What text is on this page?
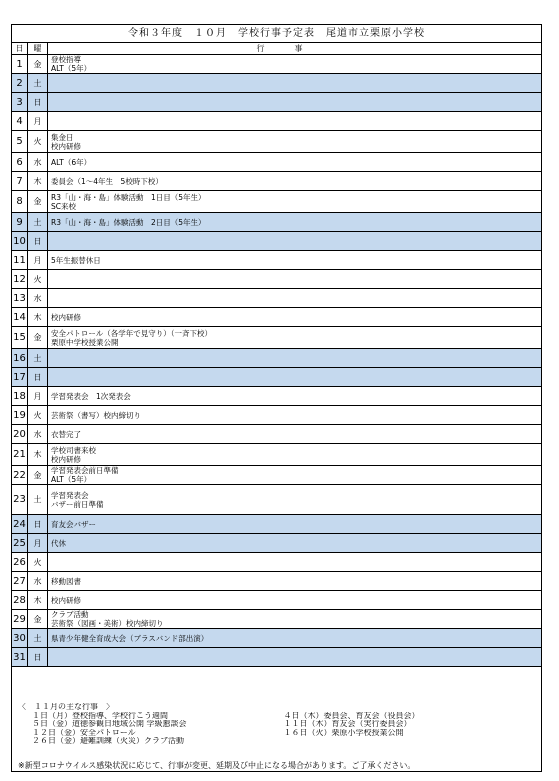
令和３年度　１０月　学校行事予定表　尾道市立栗原小学校
日	曜	行事
1	金	登校指導
ALT（5年）
2	土
3	日
4	月
5	火	集金日
校内研修
6	水	ALT（6年）
7	木	委員会（1～4年生　5校時下校）
8	金	R3「山・海・島」体験活動　1日目（5年生）
SC来校
9	土	R3「山・海・島」体験活動　2日目（5年生）
10 日
11 月	5年生振替休日
12 火
13 水
14 木	校内研修
15 金	安全パトロール（各学年で見守り）（一斉下校）
栗原中学校授業公開
16 土
17 日
18 月	学習発表会　1次発表会
19 火	芸術祭（書写）校内締切り
20 水	衣替完了
21 木	学校司書来校
校内研修
22 金	学習発表会前日準備
ALT（5年）
23 土	学習発表会
バザー前日準備
24 日	育友会バザー
25 月	代休
26 火
27 水	移動図書
28 木	校内研修
29 金	クラブ活動
芸術祭（図画・美術）校内締切り
30 土	県青少年健全育成大会（ブラスバンド部出演）
31 日
〈　１１月の主な行事　〉
１日（月）登校指導、学校行こう週間
５日（金）道徳参観日地域公開 学級懇談会
１２日（金）安全パトロール
２６日（金）避難訓練（火災）クラブ活動
４日（木）委員会、育友会（役員会）
１１日（木）育友会（実行委員会）
１６日（火）栗原小学校授業公開
※新型コロナウイルス感染状況に応じて、行事が変更、延期及び中止になる場合があります。ご了承ください。
